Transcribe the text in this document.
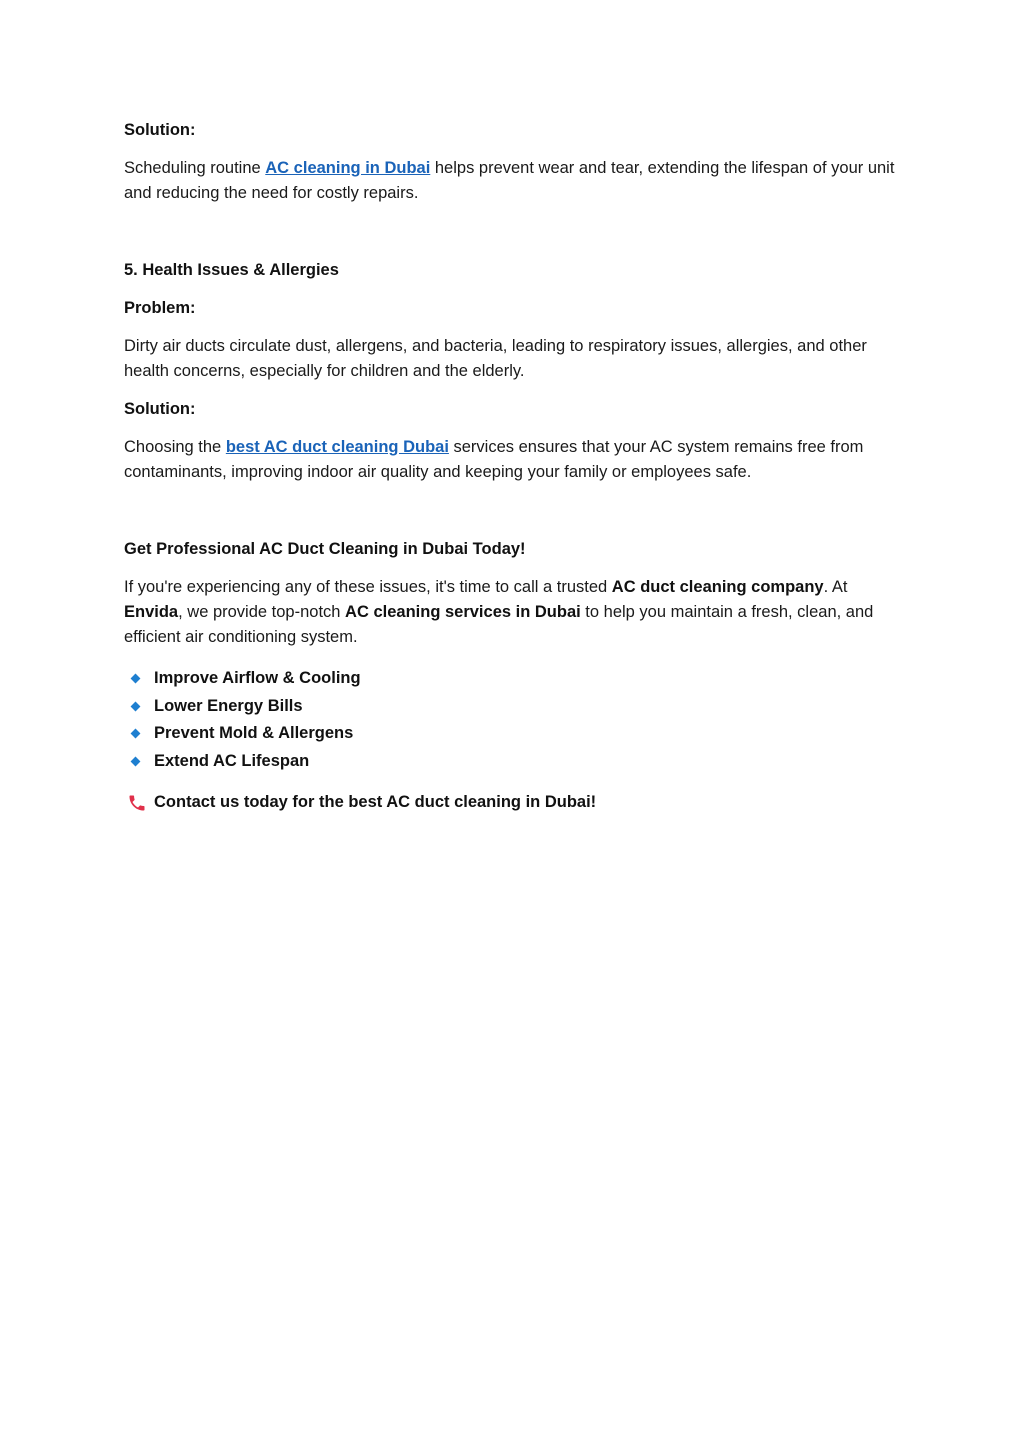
Solution:

Scheduling routine AC cleaning in Dubai helps prevent wear and tear, extending the lifespan of your unit and reducing the need for costly repairs.

5. Health Issues & Allergies

Problem:

Dirty air ducts circulate dust, allergens, and bacteria, leading to respiratory issues, allergies, and other health concerns, especially for children and the elderly.

Solution:

Choosing the best AC duct cleaning Dubai services ensures that your AC system remains free from contaminants, improving indoor air quality and keeping your family or employees safe.

Get Professional AC Duct Cleaning in Dubai Today!

If you're experiencing any of these issues, it's time to call a trusted AC duct cleaning company. At Envida, we provide top-notch AC cleaning services in Dubai to help you maintain a fresh, clean, and efficient air conditioning system.

Improve Airflow & Cooling
Lower Energy Bills
Prevent Mold & Allergens
Extend AC Lifespan

Contact us today for the best AC duct cleaning in Dubai!
